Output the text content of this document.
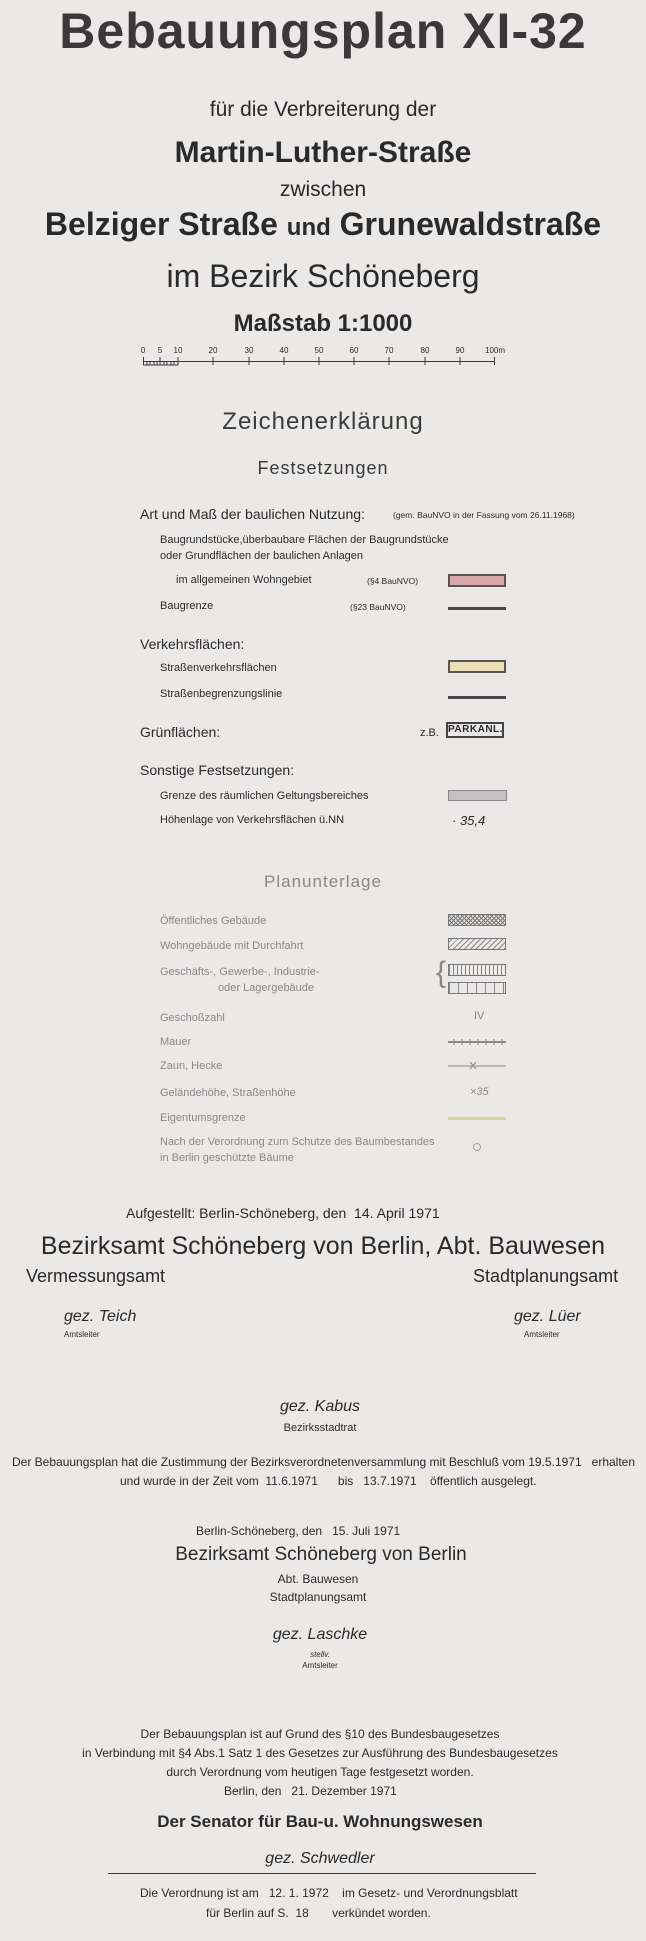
Bebauungsplan XI-32
für die Verbreiterung der
Martin-Luther-Straße
zwischen
Belziger Straße und Grunewaldstraße
im Bezirk Schöneberg
Maßstab 1:1000
0 5 10	20	30	40	50	60	70	80	90	100m
Zeichenerklärung
Festsetzungen
Art und Maß der baulichen Nutzung:	(gem. BauNVO in der Fassung vom 26.11.1968)
Baugrundstücke,überbaubare Flächen der Baugrundstücke
oder Grundflächen der baulichen Anlagen
im allgemeinen Wohngebiet	(§4 BauNVO)
Baugrenze	(§23 BauNVO)
Verkehrsflächen:
Straßenverkehrsflächen
Straßenbegrenzungslinie
Grünflächen:	z.B. PARKANL.
Sonstige Festsetzungen:
Grenze des räumlichen Geltungsbereiches
Höhenlage von Verkehrsflächen ü.NN	· 35,4
Planunterlage
Öffentliches Gebäude
Wohngebäude mit Durchfahrt
Geschäfts-, Gewerbe-, Industrie-
oder Lagergebäude	{
Geschoßzahl	IV
Mauer
Zaun, Hecke
Geländehöhe, Straßenhöhe	×35
Eigentumsgrenze
Nach der Verordnung zum Schutze des Baumbestandes
in Berlin geschützte Bäume
Aufgestellt: Berlin-Schöneberg, den 14. April 1971
Bezirksamt Schöneberg von Berlin, Abt. Bauwesen
Vermessungsamt	Stadtplanungsamt
gez. Teich
Amtsleiter
gez. Lüer
Amtsleiter
gez. Kabus
Bezirksstadtrat
Der Bebauungsplan hat die Zustimmung der Bezirksverordnetenversammlung mit Beschluß vom 19.5.1971 erhalten
und wurde in der Zeit vom 11.6.1971 bis 13.7.1971 öffentlich ausgelegt.
Berlin-Schöneberg, den 15. Juli 1971
Bezirksamt Schöneberg von Berlin
Abt. Bauwesen
Stadtplanungsamt
gez. Laschke
stellv.
Amtsleiter
Der Bebauungsplan ist auf Grund des §10 des Bundesbaugesetzes
in Verbindung mit §4 Abs.1 Satz 1 des Gesetzes zur Ausführung des Bundesbaugesetzes
durch Verordnung vom heutigen Tage festgesetzt worden.
Berlin, den 21. Dezember 1971
Der Senator für Bau-u. Wohnungswesen
gez. Schwedler
Die Verordnung ist am 12. 1. 1972 im Gesetz- und Verordnungsblatt
für Berlin auf S. 18 verkündet worden.
